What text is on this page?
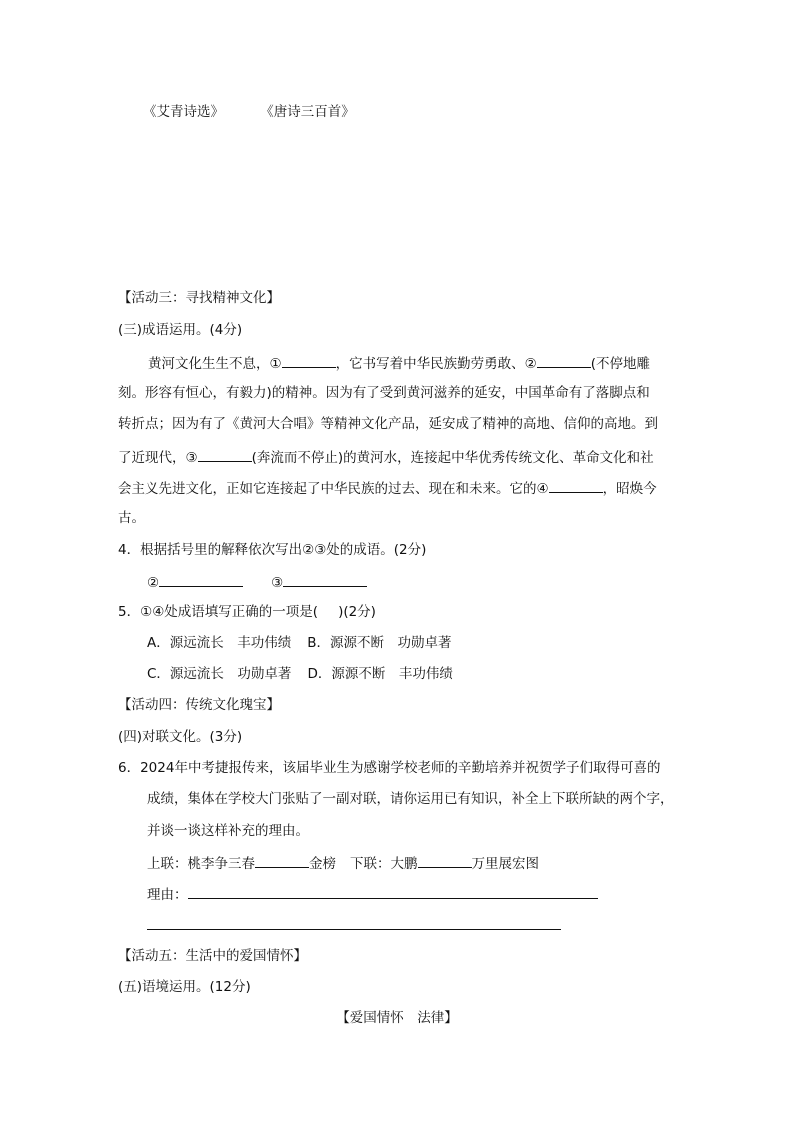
《艾青诗选》	《唐诗三百首》
【活动三：寻找精神文化】
(三)成语运用。(4分)
黄河文化生生不息，①	，它书写着中华民族勤劳勇敢、②	(不停地雕
刻。形容有恒心，有毅力)的精神。因为有了受到黄河滋养的延安，中国革命有了落脚点和
转折点；因为有了《黄河大合唱》等精神文化产品，延安成了精神的高地、信仰的高地。到
了近现代，③	(奔流而不停止)的黄河水，连接起中华优秀传统文化、革命文化和社
会主义先进文化，正如它连接起了中华民族的过去、现在和未来。它的④	，昭焕今
古。
4．根据括号里的解释依次写出②③处的成语。(2分)
②	③
5．①④处成语填写正确的一项是( )(2分)
A．源远流长　丰功伟绩 B．源源不断　功勋卓著
C．源远流长　功勋卓著 D．源源不断　丰功伟绩
【活动四：传统文化瑰宝】
(四)对联文化。(3分)
6．2024年中考捷报传来，该届毕业生为感谢学校老师的辛勤培养并祝贺学子们取得可喜的
成绩，集体在学校大门张贴了一副对联，请你运用已有知识，补全上下联所缺的两个字，
并谈一谈这样补充的理由。
上联：桃李争三春	金榜 下联：大鹏	万里展宏图
理由：
【活动五：生活中的爱国情怀】
(五)语境运用。(12分)
【爱国情怀　法律】
